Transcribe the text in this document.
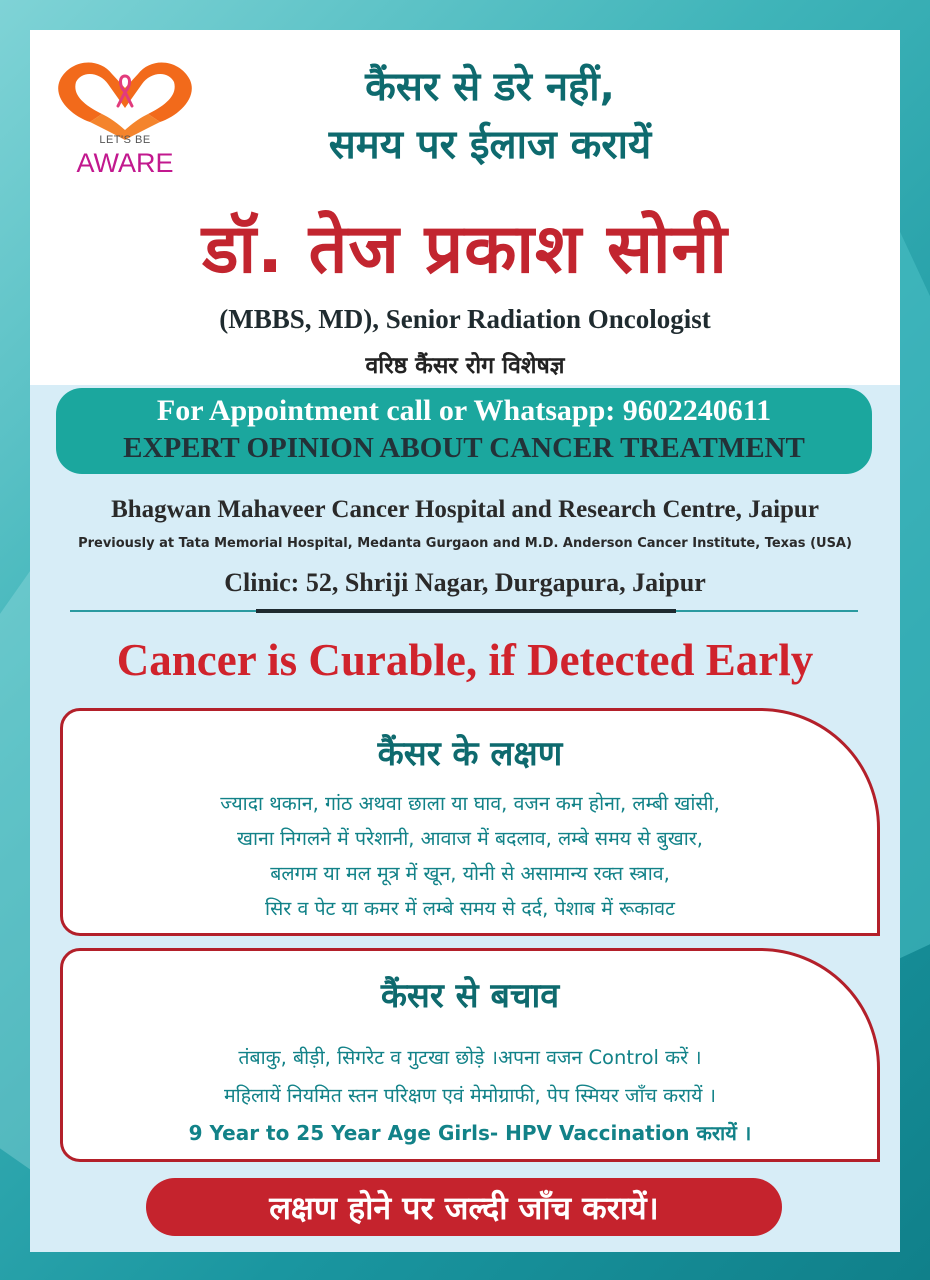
LET'S BE
AWARE
कैंसर से डरे नहीं,
समय पर ईलाज करायें
डॉ. तेज प्रकाश सोनी
(MBBS, MD), Senior Radiation Oncologist
वरिष्ठ कैंसर रोग विशेषज्ञ
For Appointment call or Whatsapp: 9602240611
EXPERT OPINION ABOUT CANCER TREATMENT
Bhagwan Mahaveer Cancer Hospital and Research Centre, Jaipur
Previously at Tata Memorial Hospital, Medanta Gurgaon and M.D. Anderson Cancer Institute, Texas (USA)
Clinic: 52, Shriji Nagar, Durgapura, Jaipur
Cancer is Curable, if Detected Early
कैंसर के लक्षण
ज्यादा थकान, गांठ अथवा छाला या घाव, वजन कम होना, लम्बी खांसी,
खाना निगलने में परेशानी, आवाज में बदलाव, लम्बे समय से बुखार,
बलगम या मल मूत्र में खून, योनी से असामान्य रक्त स्त्राव,
सिर व पेट या कमर में लम्बे समय से दर्द, पेशाब में रूकावट
कैंसर से बचाव
तंबाकु, बीड़ी, सिगरेट व गुटखा छोड़े ।अपना वजन Control करें ।
महिलायें नियमित स्तन परिक्षण एवं मेमोग्राफी, पेप स्मियर जाँच करायें ।
9 Year to 25 Year Age Girls- HPV Vaccination करायें ।
लक्षण होने पर जल्दी जाँच करायें।
